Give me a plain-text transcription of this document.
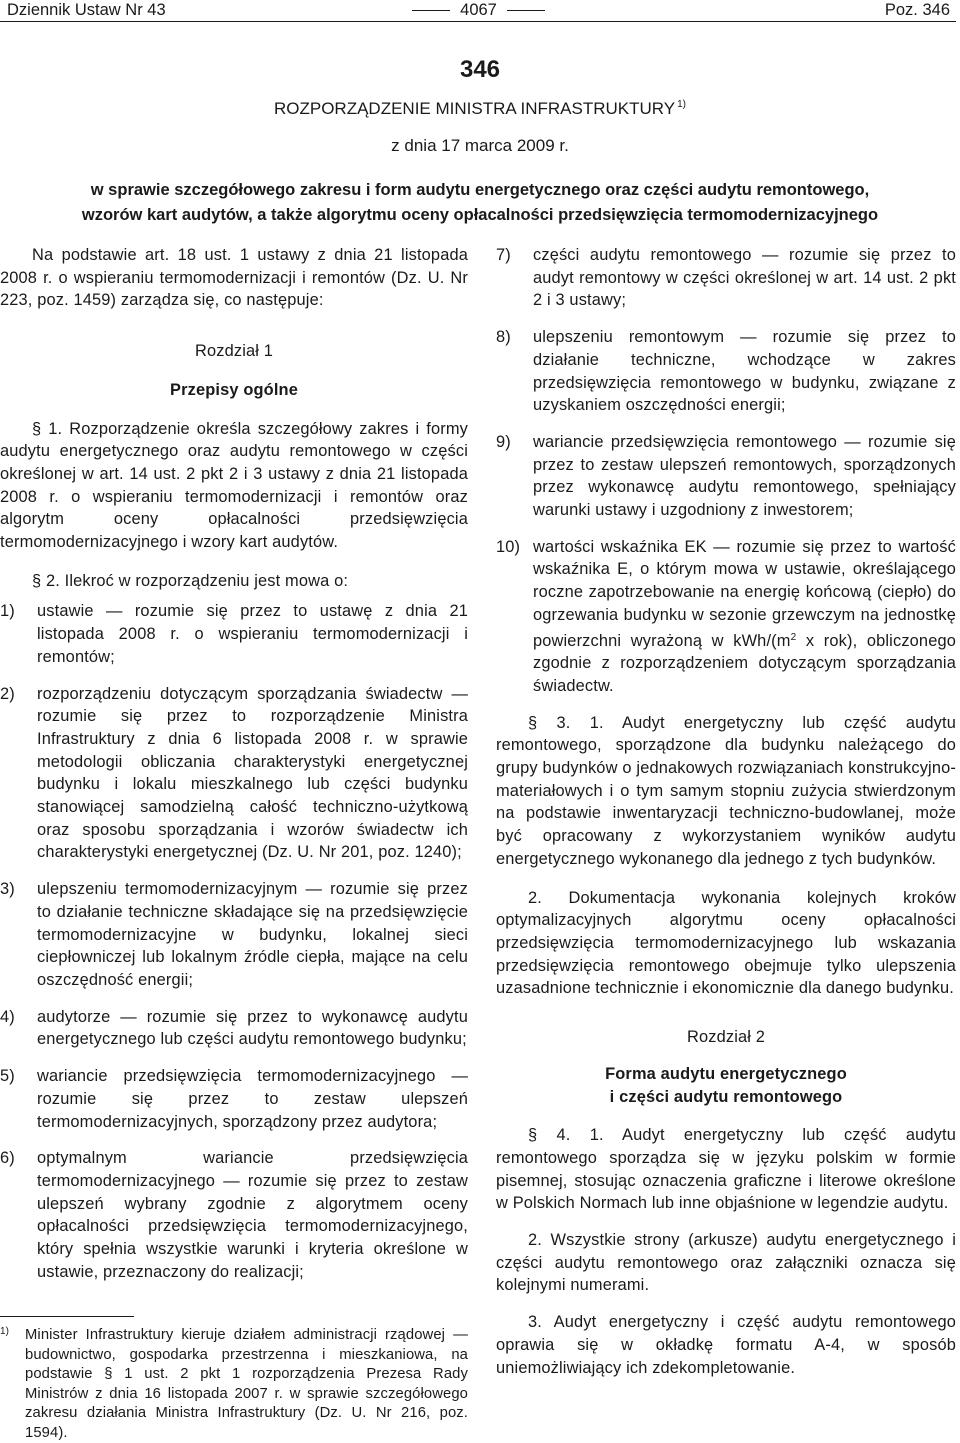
Dziennik Ustaw Nr 43	4067	Poz. 346
346
ROZPORZĄDZENIE MINISTRA INFRASTRUKTURY $^{1)}$
z dnia 17 marca 2009 r.
w sprawie szczegółowego zakresu i form audytu energetycznego oraz części audytu remontowego,
wzorów kart audytów, a także algorytmu oceny opłacalności przedsięwzięcia termomodernizacyjnego

Na podstawie art. 18 ust. 1 ustawy z dnia 21 listopada 2008 r. o wspieraniu termomodernizacji i remontów (Dz. U. Nr 223, poz. 1459) zarządza się, co następuje:

Rozdział 1

Przepisy ogólne

§ 1. Rozporządzenie określa szczegółowy zakres i formy audytu energetycznego oraz audytu remontowego w części określonej w art. 14 ust. 2 pkt 2 i 3 ustawy z dnia 21 listopada 2008 r. o wspieraniu termomodernizacji i remontów oraz algorytm oceny opłacalności przedsięwzięcia termomodernizacyjnego i wzory kart audytów.

§ 2. Ilekroć w rozporządzeniu jest mowa o:

1) ustawie — rozumie się przez to ustawę z dnia 21 listopada 2008 r. o wspieraniu termomodernizacji i remontów;
2) rozporządzeniu dotyczącym sporządzania świadectw — rozumie się przez to rozporządzenie Ministra Infrastruktury z dnia 6 listopada 2008 r. w sprawie metodologii obliczania charakterystyki energetycznej budynku i lokalu mieszkalnego lub części budynku stanowiącej samodzielną całość techniczno-użytkową oraz sposobu sporządzania i wzorów świadectw ich charakterystyki energetycznej (Dz. U. Nr 201, poz. 1240);
3) ulepszeniu termomodernizacyjnym — rozumie się przez to działanie techniczne składające się na przedsięwzięcie termomodernizacyjne w budynku, lokalnej sieci ciepłowniczej lub lokalnym źródle ciepła, mające na celu oszczędność energii;
4) audytorze — rozumie się przez to wykonawcę audytu energetycznego lub części audytu remontowego budynku;
5) wariancie przedsięwzięcia termomodernizacyjnego — rozumie się przez to zestaw ulepszeń termomodernizacyjnych, sporządzony przez audytora;
6) optymalnym wariancie przedsięwzięcia termomodernizacyjnego — rozumie się przez to zestaw ulepszeń wybrany zgodnie z algorytmem oceny opłacalności przedsięwzięcia termomodernizacyjnego, który spełnia wszystkie warunki i kryteria określone w ustawie, przeznaczony do realizacji;
1)	Minister Infrastruktury kieruje działem administracji rządowej — budownictwo, gospodarka przestrzenna i mieszkaniowa, na podstawie § 1 ust. 2 pkt 1 rozporządzenia Prezesa Rady Ministrów z dnia 16 listopada 2007 r. w sprawie szczegółowego zakresu działania Ministra Infrastruktury (Dz. U. Nr 216, poz. 1594).
7) części audytu remontowego — rozumie się przez to audyt remontowy w części określonej w art. 14 ust. 2 pkt 2 i 3 ustawy;
8) ulepszeniu remontowym — rozumie się przez to działanie techniczne, wchodzące w zakres przedsięwzięcia remontowego w budynku, związane z uzyskaniem oszczędności energii;
9) wariancie przedsięwzięcia remontowego — rozumie się przez to zestaw ulepszeń remontowych, sporządzonych przez wykonawcę audytu remontowego, spełniający warunki ustawy i uzgodniony z inwestorem;
10) wartości wskaźnika EK — rozumie się przez to wartość wskaźnika E, o którym mowa w ustawie, określającego roczne zapotrzebowanie na energię końcową (ciepło) do ogrzewania budynku w sezonie grzewczym na jednostkę powierzchni wyrażoną w kWh/($m^2$ x rok), obliczonego zgodnie z rozporządzeniem dotyczącym sporządzania świadectw.

§ 3. 1. Audyt energetyczny lub część audytu remontowego, sporządzone dla budynku należącego do grupy budynków o jednakowych rozwiązaniach konstrukcyjno-materiałowych i o tym samym stopniu zużycia stwierdzonym na podstawie inwentaryzacji techniczno-budowlanej, może być opracowany z wykorzystaniem wyników audytu energetycznego wykonanego dla jednego z tych budynków.

2. Dokumentacja wykonania kolejnych kroków optymalizacyjnych algorytmu oceny opłacalności przedsięwzięcia termomodernizacyjnego lub wskazania przedsięwzięcia remontowego obejmuje tylko ulepszenia uzasadnione technicznie i ekonomicznie dla danego budynku.

Rozdział 2

Forma audytu energetycznego
i części audytu remontowego

§ 4. 1. Audyt energetyczny lub część audytu remontowego sporządza się w języku polskim w formie pisemnej, stosując oznaczenia graficzne i literowe określone w Polskich Normach lub inne objaśnione w legendzie audytu.

2. Wszystkie strony (arkusze) audytu energetycznego i części audytu remontowego oraz załączniki oznacza się kolejnymi numerami.

3. Audyt energetyczny i część audytu remontowego oprawia się w okładkę formatu A-4, w sposób uniemożliwiający ich zdekompletowanie.
